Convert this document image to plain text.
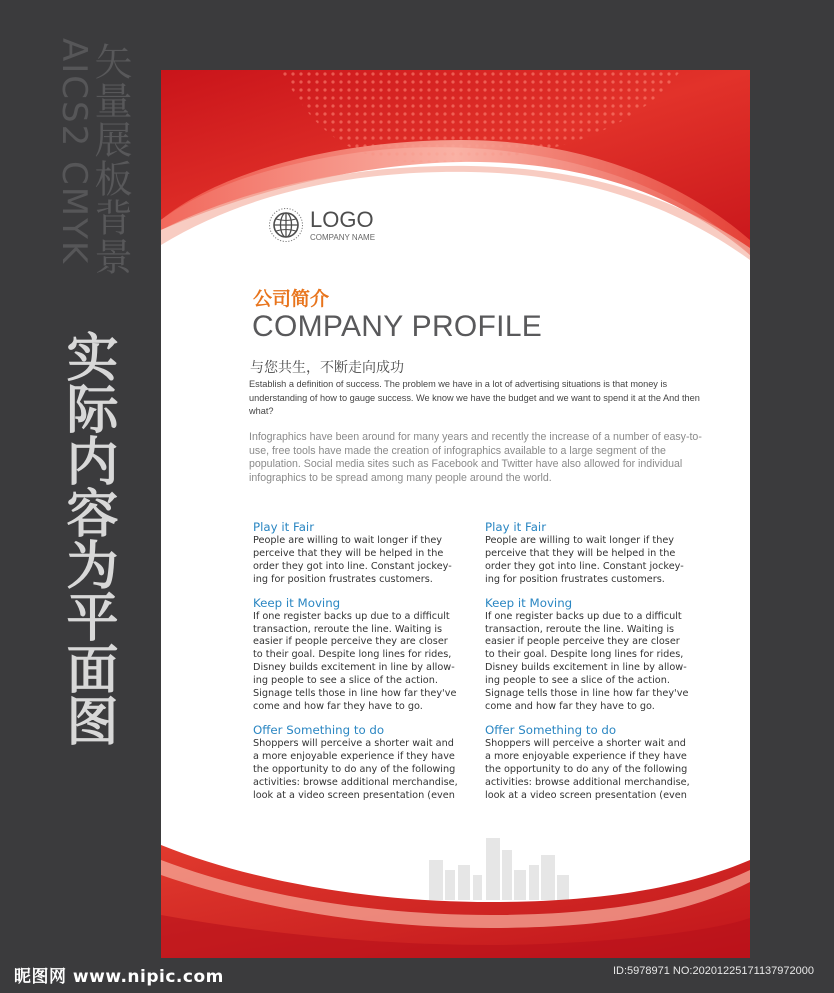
矢量展板背景
AICS2 CMYK
实际内容为平面图
LOGO
COMPANY NAME
公司简介
COMPANY PROFILE
与您共生，不断走向成功
Establish a definition of success. The problem we have in a lot of advertising situations is that money is understanding of how to gauge success. We know we have the budget and we want to spend it at the And then what?
Infographics have been around for many years and recently the increase of a number of easy-to-use, free tools have made the creation of infographics available to a large segment of the population. Social media sites such as Facebook and Twitter have also allowed for individual infographics to be spread among many people around the world.
Play it Fair

People are willing to wait longer if they
perceive that they will be helped in the
order they got into line. Constant jockey-
ing for position frustrates customers.

Keep it Moving

If one register backs up due to a difficult
transaction, reroute the line. Waiting is
easier if people perceive they are closer
to their goal. Despite long lines for rides,
Disney builds excitement in line by allow-
ing people to see a slice of the action.
Signage tells those in line how far they've
come and how far they have to go.

Offer Something to do

Shoppers will perceive a shorter wait and
a more enjoyable experience if they have
the opportunity to do any of the following
activities: browse additional merchandise,
look at a video screen presentation (even

Play it Fair

People are willing to wait longer if they
perceive that they will be helped in the
order they got into line. Constant jockey-
ing for position frustrates customers.

Keep it Moving

If one register backs up due to a difficult
transaction, reroute the line. Waiting is
easier if people perceive they are closer
to their goal. Despite long lines for rides,
Disney builds excitement in line by allow-
ing people to see a slice of the action.
Signage tells those in line how far they've
come and how far they have to go.

Offer Something to do

Shoppers will perceive a shorter wait and
a more enjoyable experience if they have
the opportunity to do any of the following
activities: browse additional merchandise,
look at a video screen presentation (even

昵图网 www.nipic.com	ID:5978971 NO:20201225171137972000
